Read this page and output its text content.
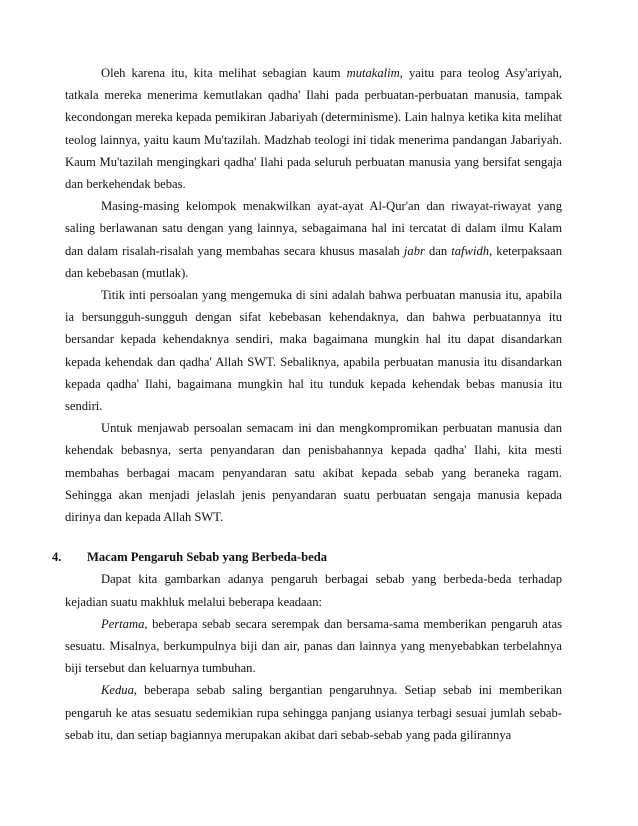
Oleh karena itu, kita melihat sebagian kaum mutakalim, yaitu para teolog Asy'ariyah, tatkala mereka menerima kemutlakan qadha' Ilahi pada perbuatan-perbuatan manusia, tampak kecondongan mereka kepada pemikiran Jabariyah (determinisme). Lain halnya ketika kita melihat teolog lainnya, yaitu kaum Mu'tazilah. Madzhab teologi ini tidak menerima pandangan Jabariyah. Kaum Mu'tazilah mengingkari qadha' Ilahi pada seluruh perbuatan manusia yang bersifat sengaja dan berkehendak bebas.

Masing-masing kelompok menakwilkan ayat-ayat Al-Qur'an dan riwayat-riwayat yang saling berlawanan satu dengan yang lainnya, sebagaimana hal ini tercatat di dalam ilmu Kalam dan dalam risalah-risalah yang membahas secara khusus masalah jabr dan tafwidh, keterpaksaan dan kebebasan (mutlak).

Titik inti persoalan yang mengemuka di sini adalah bahwa perbuatan manusia itu, apabila ia bersungguh-sungguh dengan sifat kebebasan kehendaknya, dan bahwa perbuatannya itu bersandar kepada kehendaknya sendiri, maka bagaimana mungkin hal itu dapat disandarkan kepada kehendak dan qadha' Allah SWT. Sebaliknya, apabila perbuatan manusia itu disandarkan kepada qadha' Ilahi, bagaimana mungkin hal itu tunduk kepada kehendak bebas manusia itu sendiri.

Untuk menjawab persoalan semacam ini dan mengkompromikan perbuatan manusia dan kehendak bebasnya, serta penyandaran dan penisbahannya kepada qadha' Ilahi, kita mesti membahas berbagai macam penyandaran satu akibat kepada sebab yang beraneka ragam. Sehingga akan menjadi jelaslah jenis penyandaran suatu perbuatan sengaja manusia kepada dirinya dan kepada Allah SWT.

4.	Macam Pengaruh Sebab yang Berbeda-beda

Dapat kita gambarkan adanya pengaruh berbagai sebab yang berbeda-beda terhadap kejadian suatu makhluk melalui beberapa keadaan:

Pertama, beberapa sebab secara serempak dan bersama-sama memberikan pengaruh atas sesuatu. Misalnya, berkumpulnya biji dan air, panas dan lainnya yang menyebabkan terbelahnya biji tersebut dan keluarnya tumbuhan.

Kedua, beberapa sebab saling bergantian pengaruhnya. Setiap sebab ini memberikan pengaruh ke atas sesuatu sedemikian rupa sehingga panjang usianya terbagi sesuai jumlah sebab-sebab itu, dan setiap bagiannya merupakan akibat dari sebab-sebab yang pada gilirannya
